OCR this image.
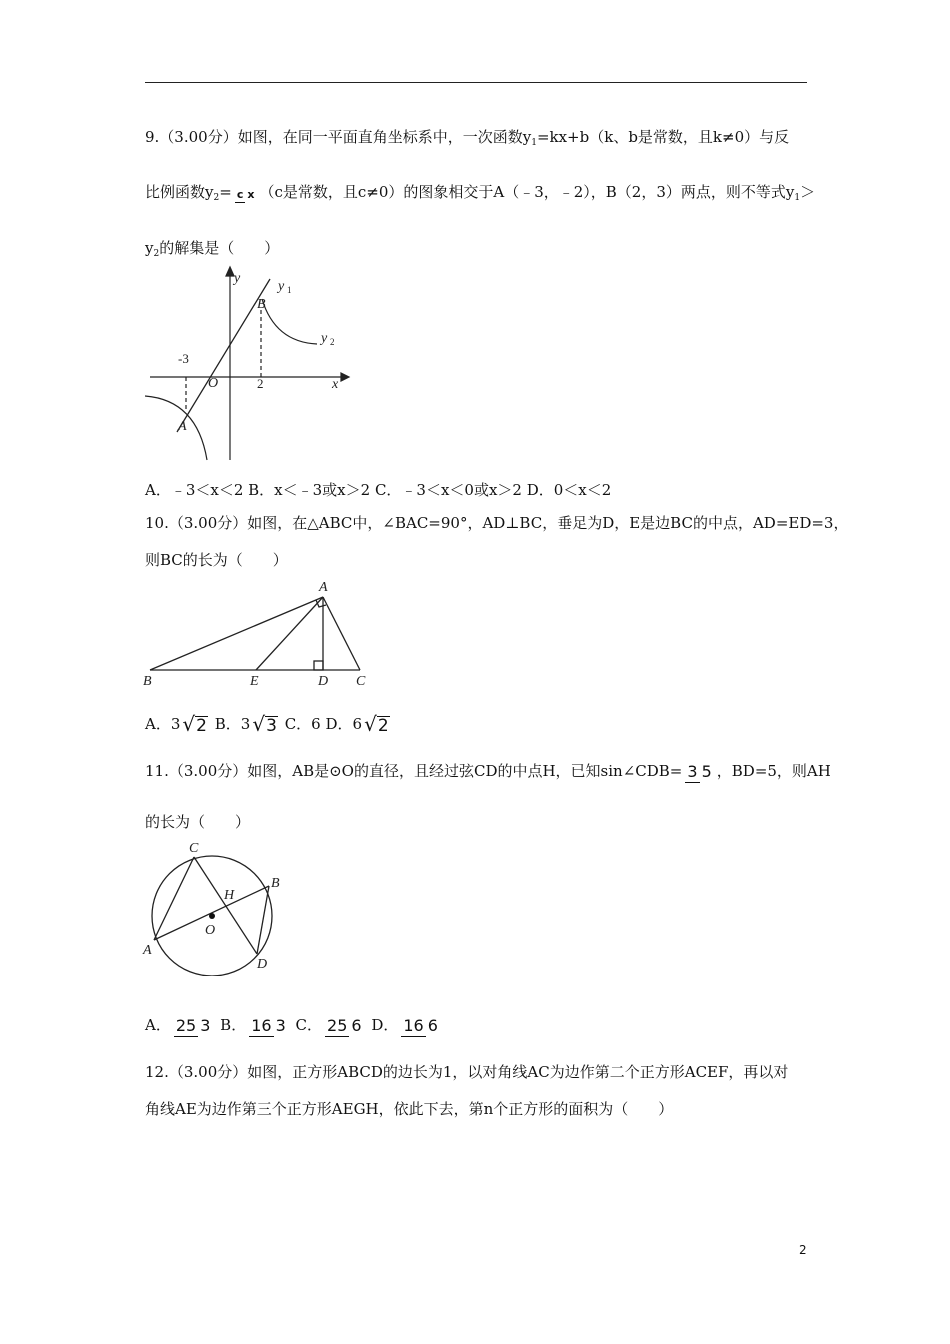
9.（3.00分）如图，在同一平面直角坐标系中，一次函数y1=kx+b（k、b是常数，且k≠0）与反
比例函数y2= c x （c是常数，且c≠0）的图象相交于A（﹣3，﹣2），B（2，3）两点，则不等式y1＞
y2的解集是（　　）
y
x
O
A
B
y
y
1
2
-3
2
A．﹣3＜x＜2 B．x＜﹣3或x＞2 C．﹣3＜x＜0或x＞2 D．0＜x＜2
10.（3.00分）如图，在△ABC中，∠BAC=90°，AD⊥BC，垂足为D，E是边BC的中点，AD=ED=3，
则BC的长为（　　）
A
B	E	D C
A．3 √2 B．3 √3 C．6 D．6 √2
11.（3.00分）如图，AB是⊙O的直径，且经过弦CD的中点H，已知sin∠CDB= 3 5 ，BD=5，则AH
的长为（　　）
C
B
H
O
A
D
A． 25 3 B． 16 3 C． 25 6 D． 16 6
12.（3.00分）如图，正方形ABCD的边长为1，以对角线AC为边作第二个正方形ACEF，再以对
角线AE为边作第三个正方形AEGH，依此下去，第n个正方形的面积为（　　）
2
